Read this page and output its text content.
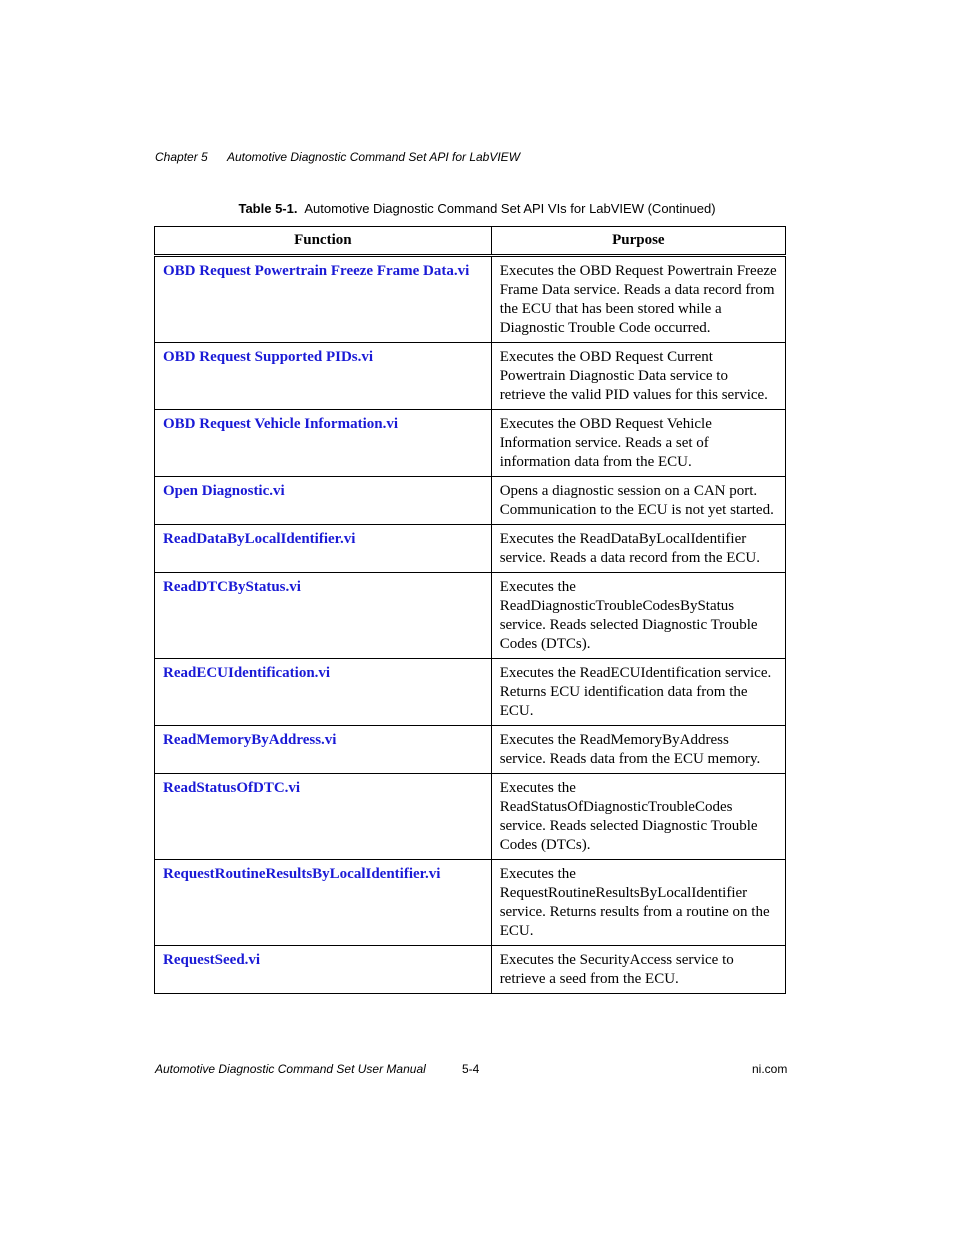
Chapter 5 Automotive Diagnostic Command Set API for LabVIEW
Table 5-1. Automotive Diagnostic Command Set API VIs for LabVIEW (Continued)
Function	Purpose
OBD Request Powertrain Freeze Frame Data.vi	Executes the OBD Request Powertrain Freeze Frame Data service. Reads a data record from the ECU that has been stored while a Diagnostic Trouble Code occurred.
OBD Request Supported PIDs.vi	Executes the OBD Request Current Powertrain Diagnostic Data service to retrieve the valid PID values for this service.
OBD Request Vehicle Information.vi	Executes the OBD Request Vehicle Information service. Reads a set of information data from the ECU.
Open Diagnostic.vi	Opens a diagnostic session on a CAN port. Communication to the ECU is not yet started.
ReadDataByLocalIdentifier.vi	Executes the ReadDataByLocalIdentifier service. Reads a data record from the ECU.
ReadDTCByStatus.vi	Executes the ReadDiagnosticTroubleCodesByStatus service. Reads selected Diagnostic Trouble Codes (DTCs).
ReadECUIdentification.vi	Executes the ReadECUIdentification service. Returns ECU identification data from the ECU.
ReadMemoryByAddress.vi	Executes the ReadMemoryByAddress service. Reads data from the ECU memory.
ReadStatusOfDTC.vi	Executes the ReadStatusOfDiagnosticTroubleCodes service. Reads selected Diagnostic Trouble Codes (DTCs).
RequestRoutineResultsByLocalIdentifier.vi	Executes the RequestRoutineResultsByLocalIdentifier service. Returns results from a routine on the ECU.
RequestSeed.vi	Executes the SecurityAccess service to retrieve a seed from the ECU.
Automotive Diagnostic Command Set User Manual	5-4	ni.com
